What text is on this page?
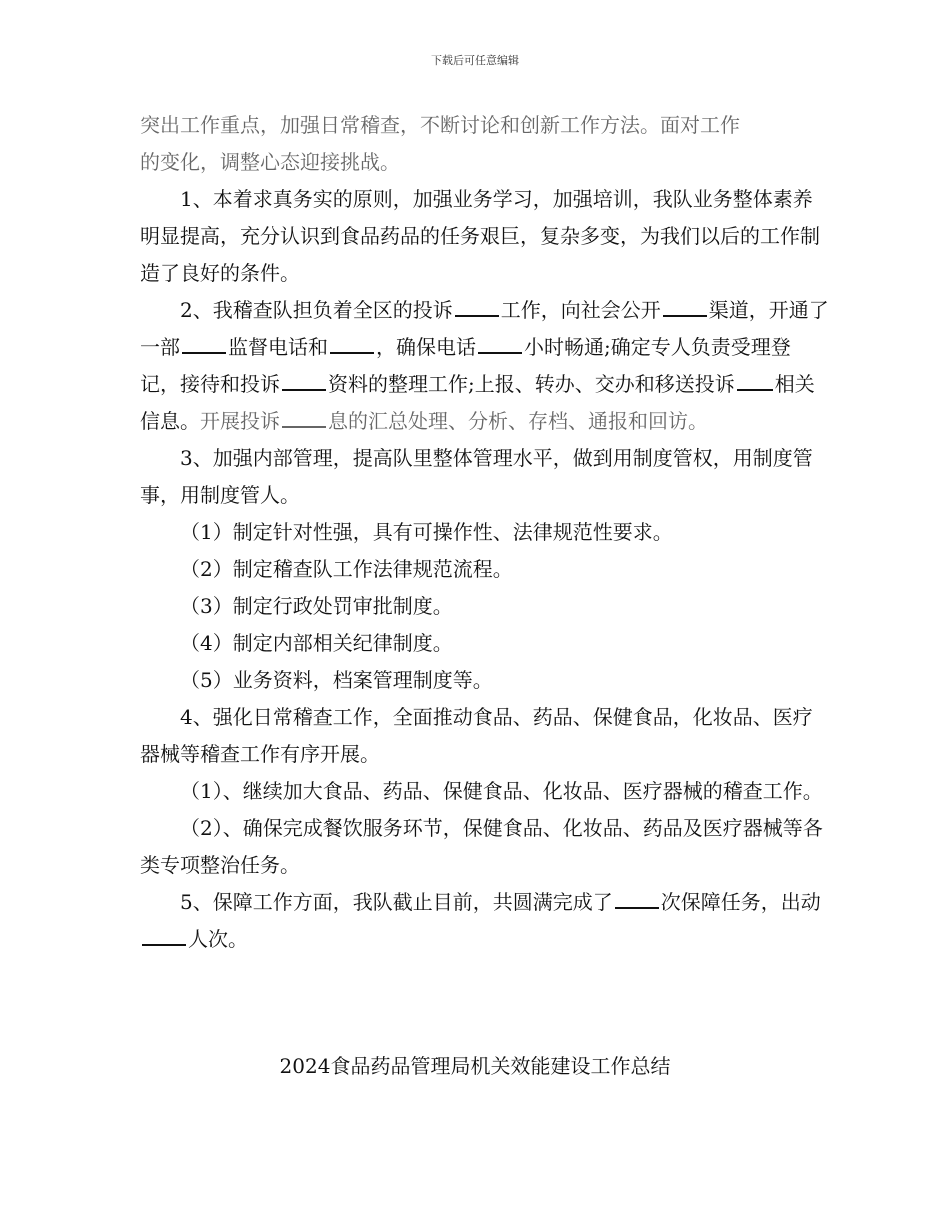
下载后可任意编辑

突出工作重点，加强日常稽查，不断讨论和创新工作方法。面对工作
的变化，调整心态迎接挑战。

1、本着求真务实的原则，加强业务学习，加强培训，我队业务整体素养明显提高，充分认识到食品药品的任务艰巨，复杂多变，为我们以后的工作制造了良好的条件。

2、我稽查队担负着全区的投诉 工作，向社会公开 渠道，开通了一部 监督电话和 ，确保电话 小时畅通;确定专人负责受理登记，接待和投诉 资料的整理工作;上报、转办、交办和移送投诉 相关信息。开展投诉 息的汇总处理、分析、存档、通报和回访。

3、加强内部管理，提高队里整体管理水平，做到用制度管权，用制度管事，用制度管人。

（1）制定针对性强，具有可操作性、法律规范性要求。

（2）制定稽查队工作法律规范流程。

（3）制定行政处罚审批制度。

（4）制定内部相关纪律制度。

（5）业务资料，档案管理制度等。

4、强化日常稽查工作，全面推动食品、药品、保健食品，化妆品、医疗器械等稽查工作有序开展。

（1）、继续加大食品、药品、保健食品、化妆品、医疗器械的稽查工作。

（2）、确保完成餐饮服务环节，保健食品、化妆品、药品及医疗器械等各类专项整治任务。

5、保障工作方面，我队截止目前，共圆满完成了 次保障任务，出动人次。

2024食品药品管理局机关效能建设工作总结
